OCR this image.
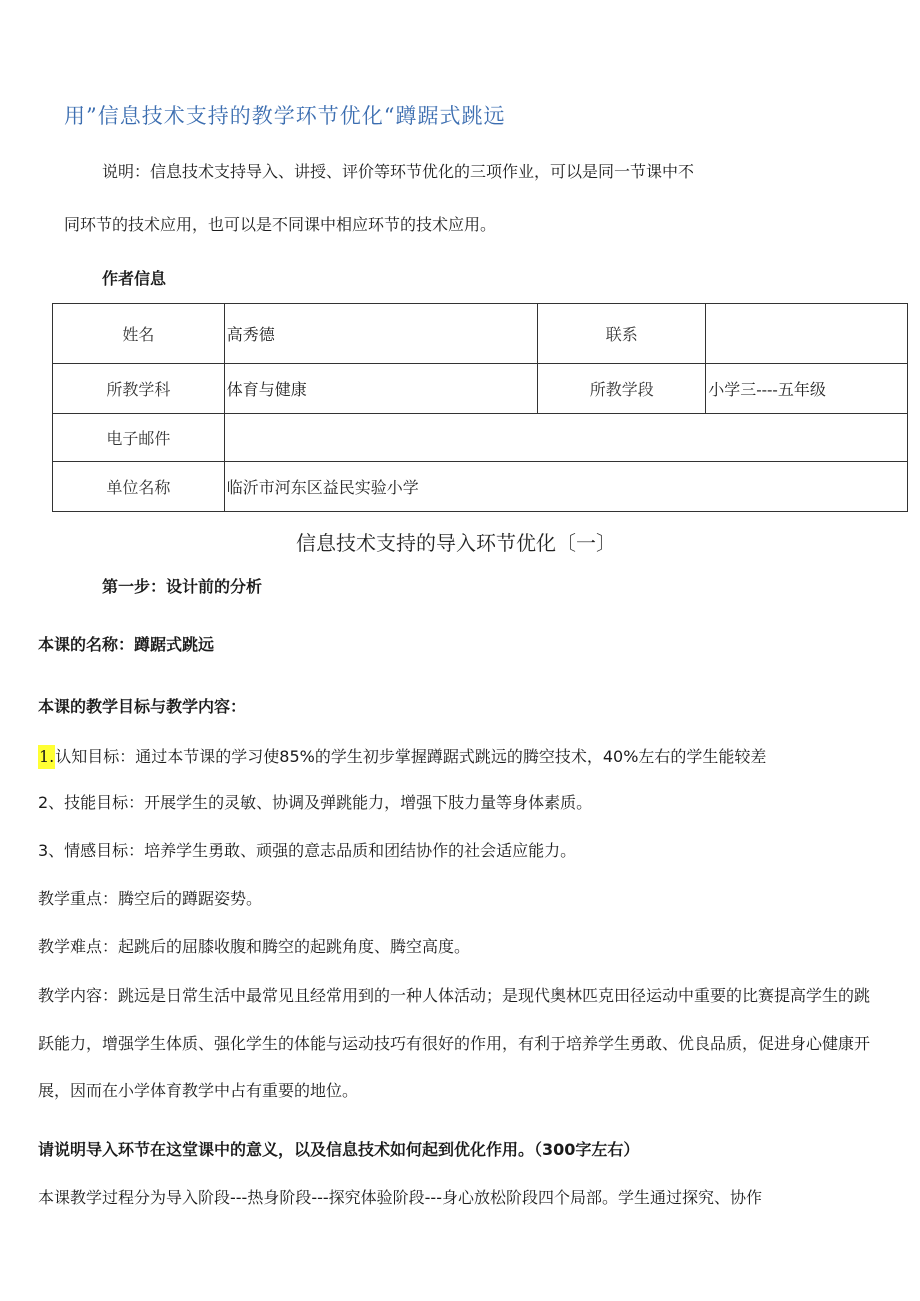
用”信息技术支持的教学环节优化“蹲踞式跳远
说明：信息技术支持导入、讲授、评价等环节优化的三项作业，可以是同一节课中不
同环节的技术应用，也可以是不同课中相应环节的技术应用。
作者信息
姓名	高秀德	联系	
所教学科	体育与健康	所教学段	小学三----五年级
电子邮件			
单位名称	临沂市河东区益民实验小学		
信息技术支持的导入环节优化〔一〕
第一步：设计前的分析
本课的名称：蹲踞式跳远
本课的教学目标与教学内容：
1.认知目标：通过本节课的学习使85%的学生初步掌握蹲踞式跳远的腾空技术，40%左右的学生能较差
2、技能目标：开展学生的灵敏、协调及弹跳能力，增强下肢力量等身体素质。
3、情感目标：培养学生勇敢、顽强的意志品质和团结协作的社会适应能力。
教学重点：腾空后的蹲踞姿势。
教学难点：起跳后的屈膝收腹和腾空的起跳角度、腾空高度。
教学内容：跳远是日常生活中最常见且经常用到的一种人体活动；是现代奥林匹克田径运动中重要的比赛提高学生的跳
跃能力，增强学生体质、强化学生的体能与运动技巧有很好的作用，有利于培养学生勇敢、优良品质，促进身心健康开
展，因而在小学体育教学中占有重要的地位。
请说明导入环节在这堂课中的意义，以及信息技术如何起到优化作用。（300字左右）
本课教学过程分为导入阶段---热身阶段---探究体验阶段---身心放松阶段四个局部。学生通过探究、协作
